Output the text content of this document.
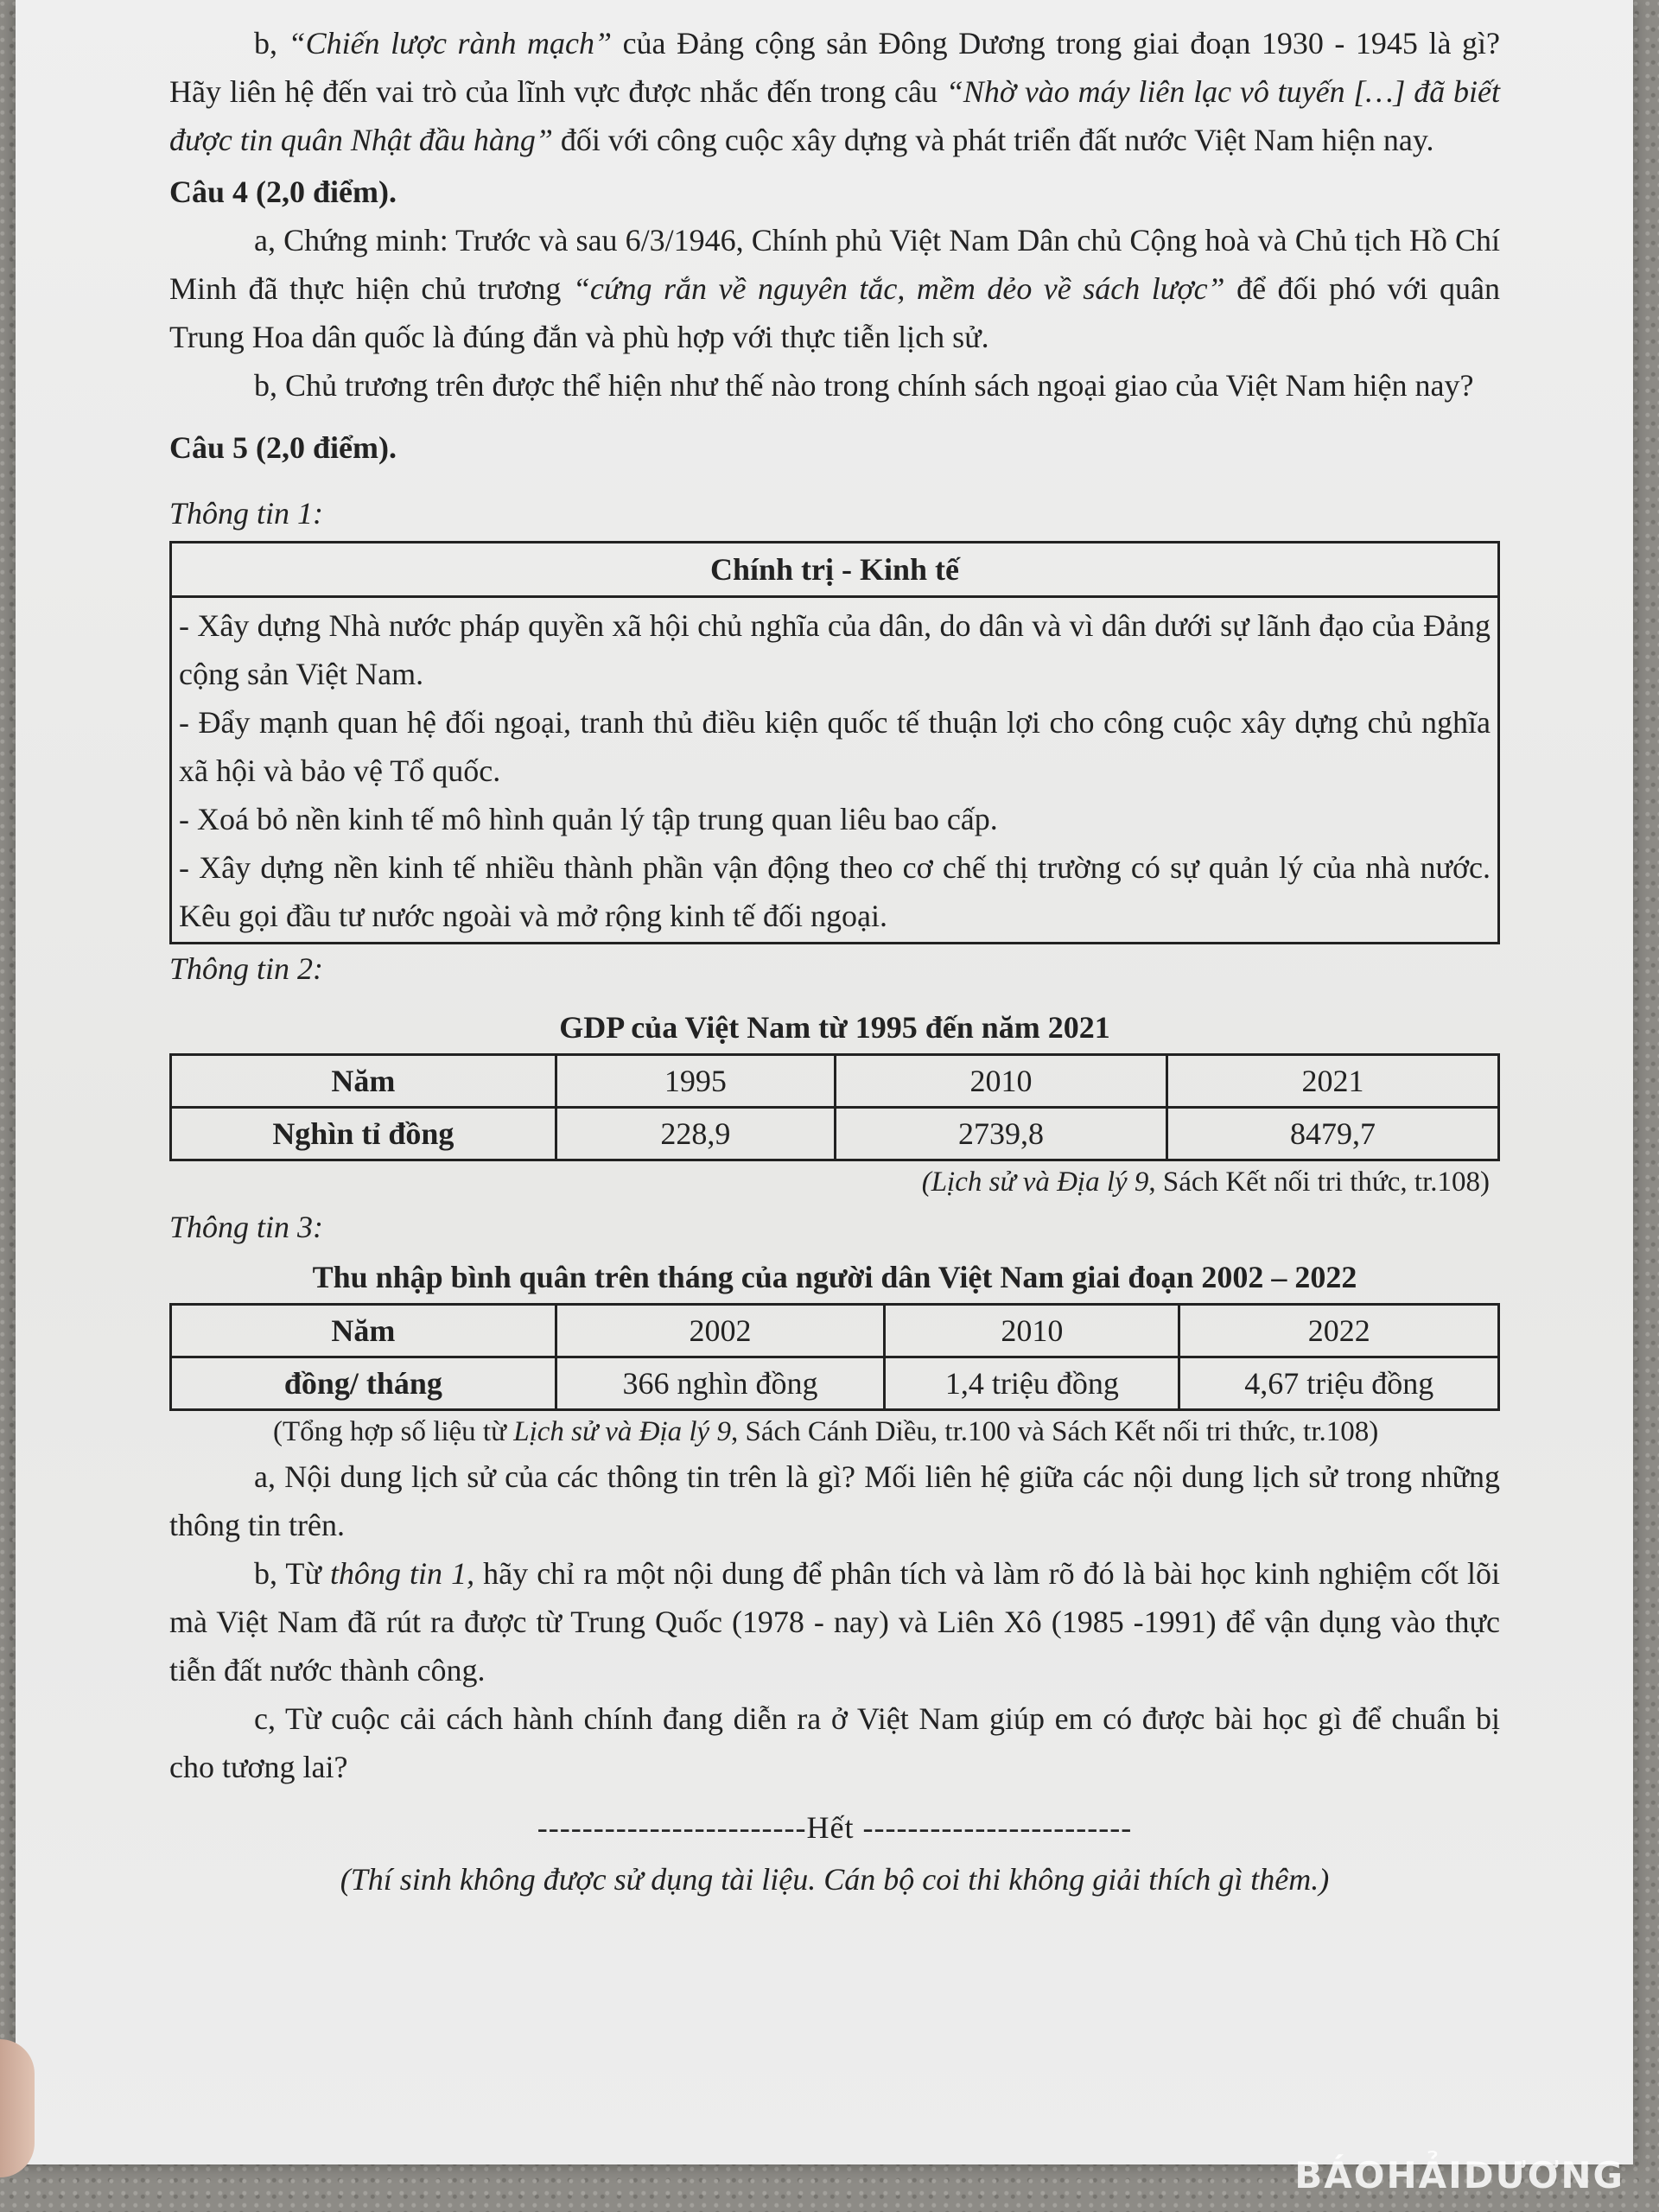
b, “Chiến lược rành mạch” của Đảng cộng sản Đông Dương trong giai đoạn 1930 - 1945 là gì? Hãy liên hệ đến vai trò của lĩnh vực được nhắc đến trong câu “Nhờ vào máy liên lạc vô tuyến […] đã biết được tin quân Nhật đầu hàng” đối với công cuộc xây dựng và phát triển đất nước Việt Nam hiện nay.

Câu 4 (2,0 điểm).

a, Chứng minh: Trước và sau 6/3/1946, Chính phủ Việt Nam Dân chủ Cộng hoà và Chủ tịch Hồ Chí Minh đã thực hiện chủ trương “cứng rắn về nguyên tắc, mềm dẻo về sách lược” để đối phó với quân Trung Hoa dân quốc là đúng đắn và phù hợp với thực tiễn lịch sử.

b, Chủ trương trên được thể hiện như thế nào trong chính sách ngoại giao của Việt Nam hiện nay?

Câu 5 (2,0 điểm).

Thông tin 1:

Chính trị - Kinh tế

- Xây dựng Nhà nước pháp quyền xã hội chủ nghĩa của dân, do dân và vì dân dưới sự lãnh đạo của Đảng cộng sản Việt Nam.

- Đẩy mạnh quan hệ đối ngoại, tranh thủ điều kiện quốc tế thuận lợi cho công cuộc xây dựng chủ nghĩa xã hội và bảo vệ Tổ quốc.

- Xoá bỏ nền kinh tế mô hình quản lý tập trung quan liêu bao cấp.

- Xây dựng nền kinh tế nhiều thành phần vận động theo cơ chế thị trường có sự quản lý của nhà nước. Kêu gọi đầu tư nước ngoài và mở rộng kinh tế đối ngoại.

Thông tin 2:

GDP của Việt Nam từ 1995 đến năm 2021

Năm	1995	2010	2021
Nghìn tỉ đồng	228,9	2739,8	8479,7

(Lịch sử và Địa lý 9, Sách Kết nối tri thức, tr.108)

Thông tin 3:

Thu nhập bình quân trên tháng của người dân Việt Nam giai đoạn 2002 – 2022

Năm	2002	2010	2022
đồng/ tháng	366 nghìn đồng	1,4 triệu đồng	4,67 triệu đồng

(Tổng hợp số liệu từ Lịch sử và Địa lý 9, Sách Cánh Diều, tr.100 và Sách Kết nối tri thức, tr.108)

a, Nội dung lịch sử của các thông tin trên là gì? Mối liên hệ giữa các nội dung lịch sử trong những thông tin trên.

b, Từ thông tin 1, hãy chỉ ra một nội dung để phân tích và làm rõ đó là bài học kinh nghiệm cốt lõi mà Việt Nam đã rút ra được từ Trung Quốc (1978 - nay) và Liên Xô (1985 -1991) để vận dụng vào thực tiễn đất nước thành công.

c, Từ cuộc cải cách hành chính đang diễn ra ở Việt Nam giúp em có được bài học gì để chuẩn bị cho tương lai?

------------------------Hết ------------------------

(Thí sinh không được sử dụng tài liệu. Cán bộ coi thi không giải thích gì thêm.)

BÁOHẢIDƯƠNG
